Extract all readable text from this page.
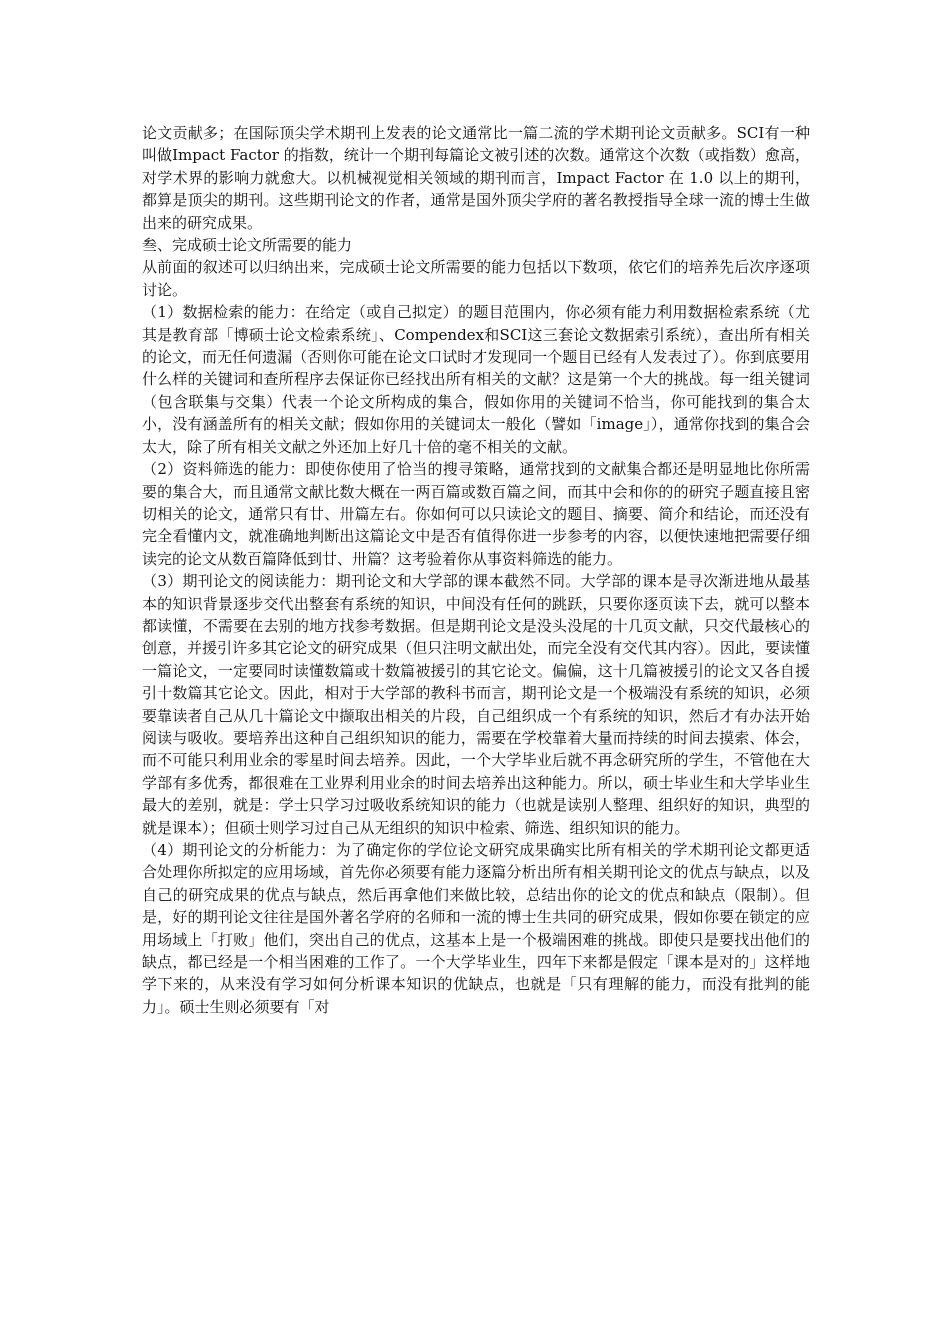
论文贡献多；在国际顶尖学术期刊上发表的论文通常比一篇二流的学术期刊论文贡献多。SCI有一种叫做Impact Factor 的指数，统计一个期刊每篇论文被引述的次数。通常这个次数（或指数）愈高，对学术界的影响力就愈大。以机械视觉相关领域的期刊而言，Impact Factor 在 1.0 以上的期刊，都算是顶尖的期刊。这些期刊论文的作者，通常是国外顶尖学府的著名教授指导全球一流的博士生做出来的研究成果。

叁、完成硕士论文所需要的能力

从前面的叙述可以归纳出来，完成硕士论文所需要的能力包括以下数项，依它们的培养先后次序逐项讨论。

（1）数据检索的能力：在给定（或自己拟定）的题目范围内，你必须有能力利用数据检索系统（尤其是教育部「博硕士论文检索系统」、Compendex和SCI这三套论文数据索引系统），查出所有相关的论文，而无任何遗漏（否则你可能在论文口试时才发现同一个题目已经有人发表过了）。你到底要用什么样的关键词和查所程序去保证你已经找出所有相关的文献？这是第一个大的挑战。每一组关键词（包含联集与交集）代表一个论文所构成的集合，假如你用的关键词不恰当，你可能找到的集合太小，没有涵盖所有的相关文献；假如你用的关键词太一般化（譬如「image」），通常你找到的集合会太大，除了所有相关文献之外还加上好几十倍的毫不相关的文献。

（2）资料筛选的能力：即使你使用了恰当的搜寻策略，通常找到的文献集合都还是明显地比你所需要的集合大，而且通常文献比数大概在一两百篇或数百篇之间，而其中会和你的的研究子题直接且密切相关的论文，通常只有廿、卅篇左右。你如何可以只读论文的题目、摘要、简介和结论，而还没有完全看懂内文，就准确地判断出这篇论文中是否有值得你进一步参考的内容，以便快速地把需要仔细读完的论文从数百篇降低到廿、卅篇？这考验着你从事资料筛选的能力。

（3）期刊论文的阅读能力：期刊论文和大学部的课本截然不同。大学部的课本是寻次渐进地从最基本的知识背景逐步交代出整套有系统的知识，中间没有任何的跳跃，只要你逐页读下去，就可以整本都读懂，不需要在去别的地方找参考数据。但是期刊论文是没头没尾的十几页文献，只交代最核心的创意，并援引许多其它论文的研究成果（但只注明文献出处，而完全没有交代其内容）。因此，要读懂一篇论文，一定要同时读懂数篇或十数篇被援引的其它论文。偏偏，这十几篇被援引的论文又各自援引十数篇其它论文。因此，相对于大学部的教科书而言，期刊论文是一个极端没有系统的知识，必须要靠读者自己从几十篇论文中撷取出相关的片段，自己组织成一个有系统的知识，然后才有办法开始阅读与吸收。要培养出这种自己组织知识的能力，需要在学校靠着大量而持续的时间去摸索、体会，而不可能只利用业余的零星时间去培养。因此，一个大学毕业后就不再念研究所的学生，不管他在大学部有多优秀，都很难在工业界利用业余的时间去培养出这种能力。所以，硕士毕业生和大学毕业生最大的差别，就是：学士只学习过吸收系统知识的能力（也就是读别人整理、组织好的知识，典型的就是课本）；但硕士则学习过自己从无组织的知识中检索、筛选、组织知识的能力。

（4）期刊论文的分析能力：为了确定你的学位论文研究成果确实比所有相关的学术期刊论文都更适合处理你所拟定的应用场域，首先你必须要有能力逐篇分析出所有相关期刊论文的优点与缺点，以及自己的研究成果的优点与缺点，然后再拿他们来做比较，总结出你的论文的优点和缺点（限制）。但是，好的期刊论文往往是国外著名学府的名师和一流的博士生共同的研究成果，假如你要在锁定的应用场域上「打败」他们，突出自己的优点，这基本上是一个极端困难的挑战。即使只是要找出他们的缺点，都已经是一个相当困难的工作了。一个大学毕业生，四年下来都是假定「课本是对的」这样地学下来的，从来没有学习如何分析课本知识的优缺点，也就是「只有理解的能力，而没有批判的能力」。硕士生则必须要有「对
